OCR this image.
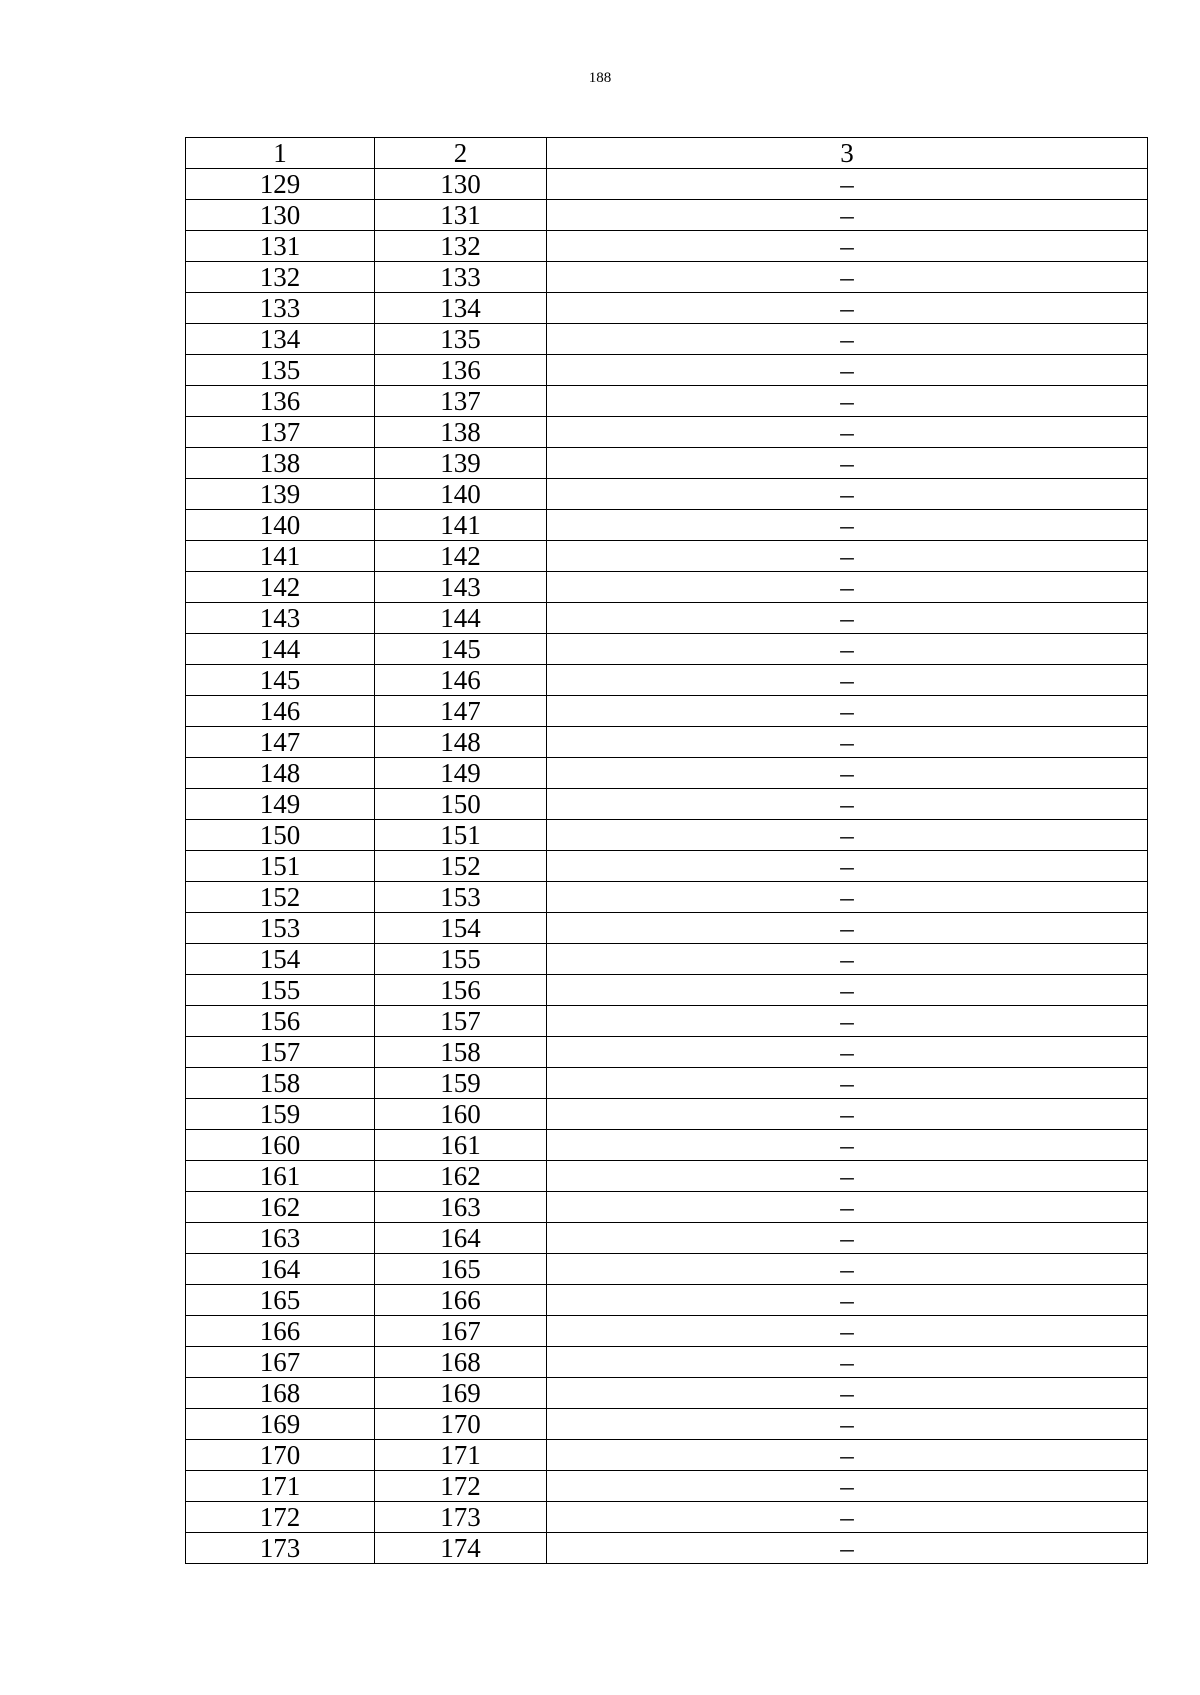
188
1	2	3
129	130	–
130	131	–
131	132	–
132	133	–
133	134	–
134	135	–
135	136	–
136	137	–
137	138	–
138	139	–
139	140	–
140	141	–
141	142	–
142	143	–
143	144	–
144	145	–
145	146	–
146	147	–
147	148	–
148	149	–
149	150	–
150	151	–
151	152	–
152	153	–
153	154	–
154	155	–
155	156	–
156	157	–
157	158	–
158	159	–
159	160	–
160	161	–
161	162	–
162	163	–
163	164	–
164	165	–
165	166	–
166	167	–
167	168	–
168	169	–
169	170	–
170	171	–
171	172	–
172	173	–
173	174	–
